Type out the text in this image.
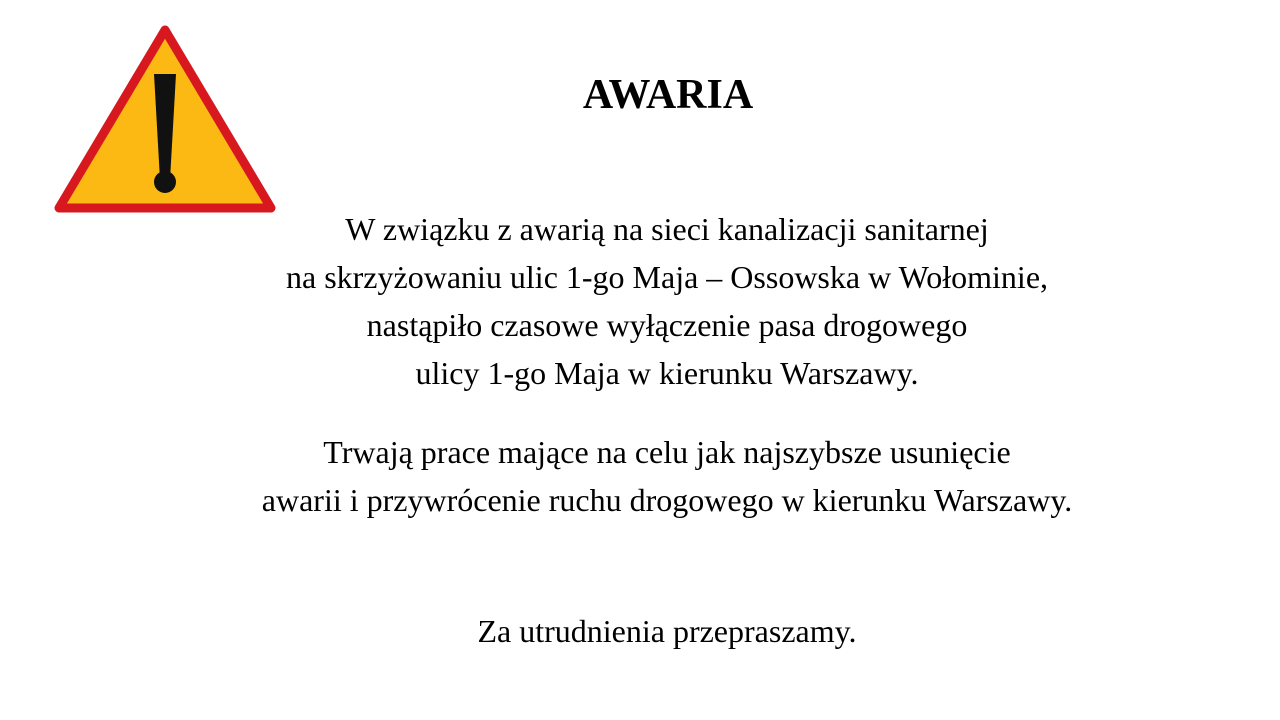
AWARIA
W związku z awarią na sieci kanalizacji sanitarnej
na skrzyżowaniu ulic 1-go Maja – Ossowska w Wołominie,
nastąpiło czasowe wyłączenie pasa drogowego
ulicy 1-go Maja w kierunku Warszawy.
Trwają prace mające na celu jak najszybsze usunięcie
awarii i przywrócenie ruchu drogowego w kierunku Warszawy.
Za utrudnienia przepraszamy.
